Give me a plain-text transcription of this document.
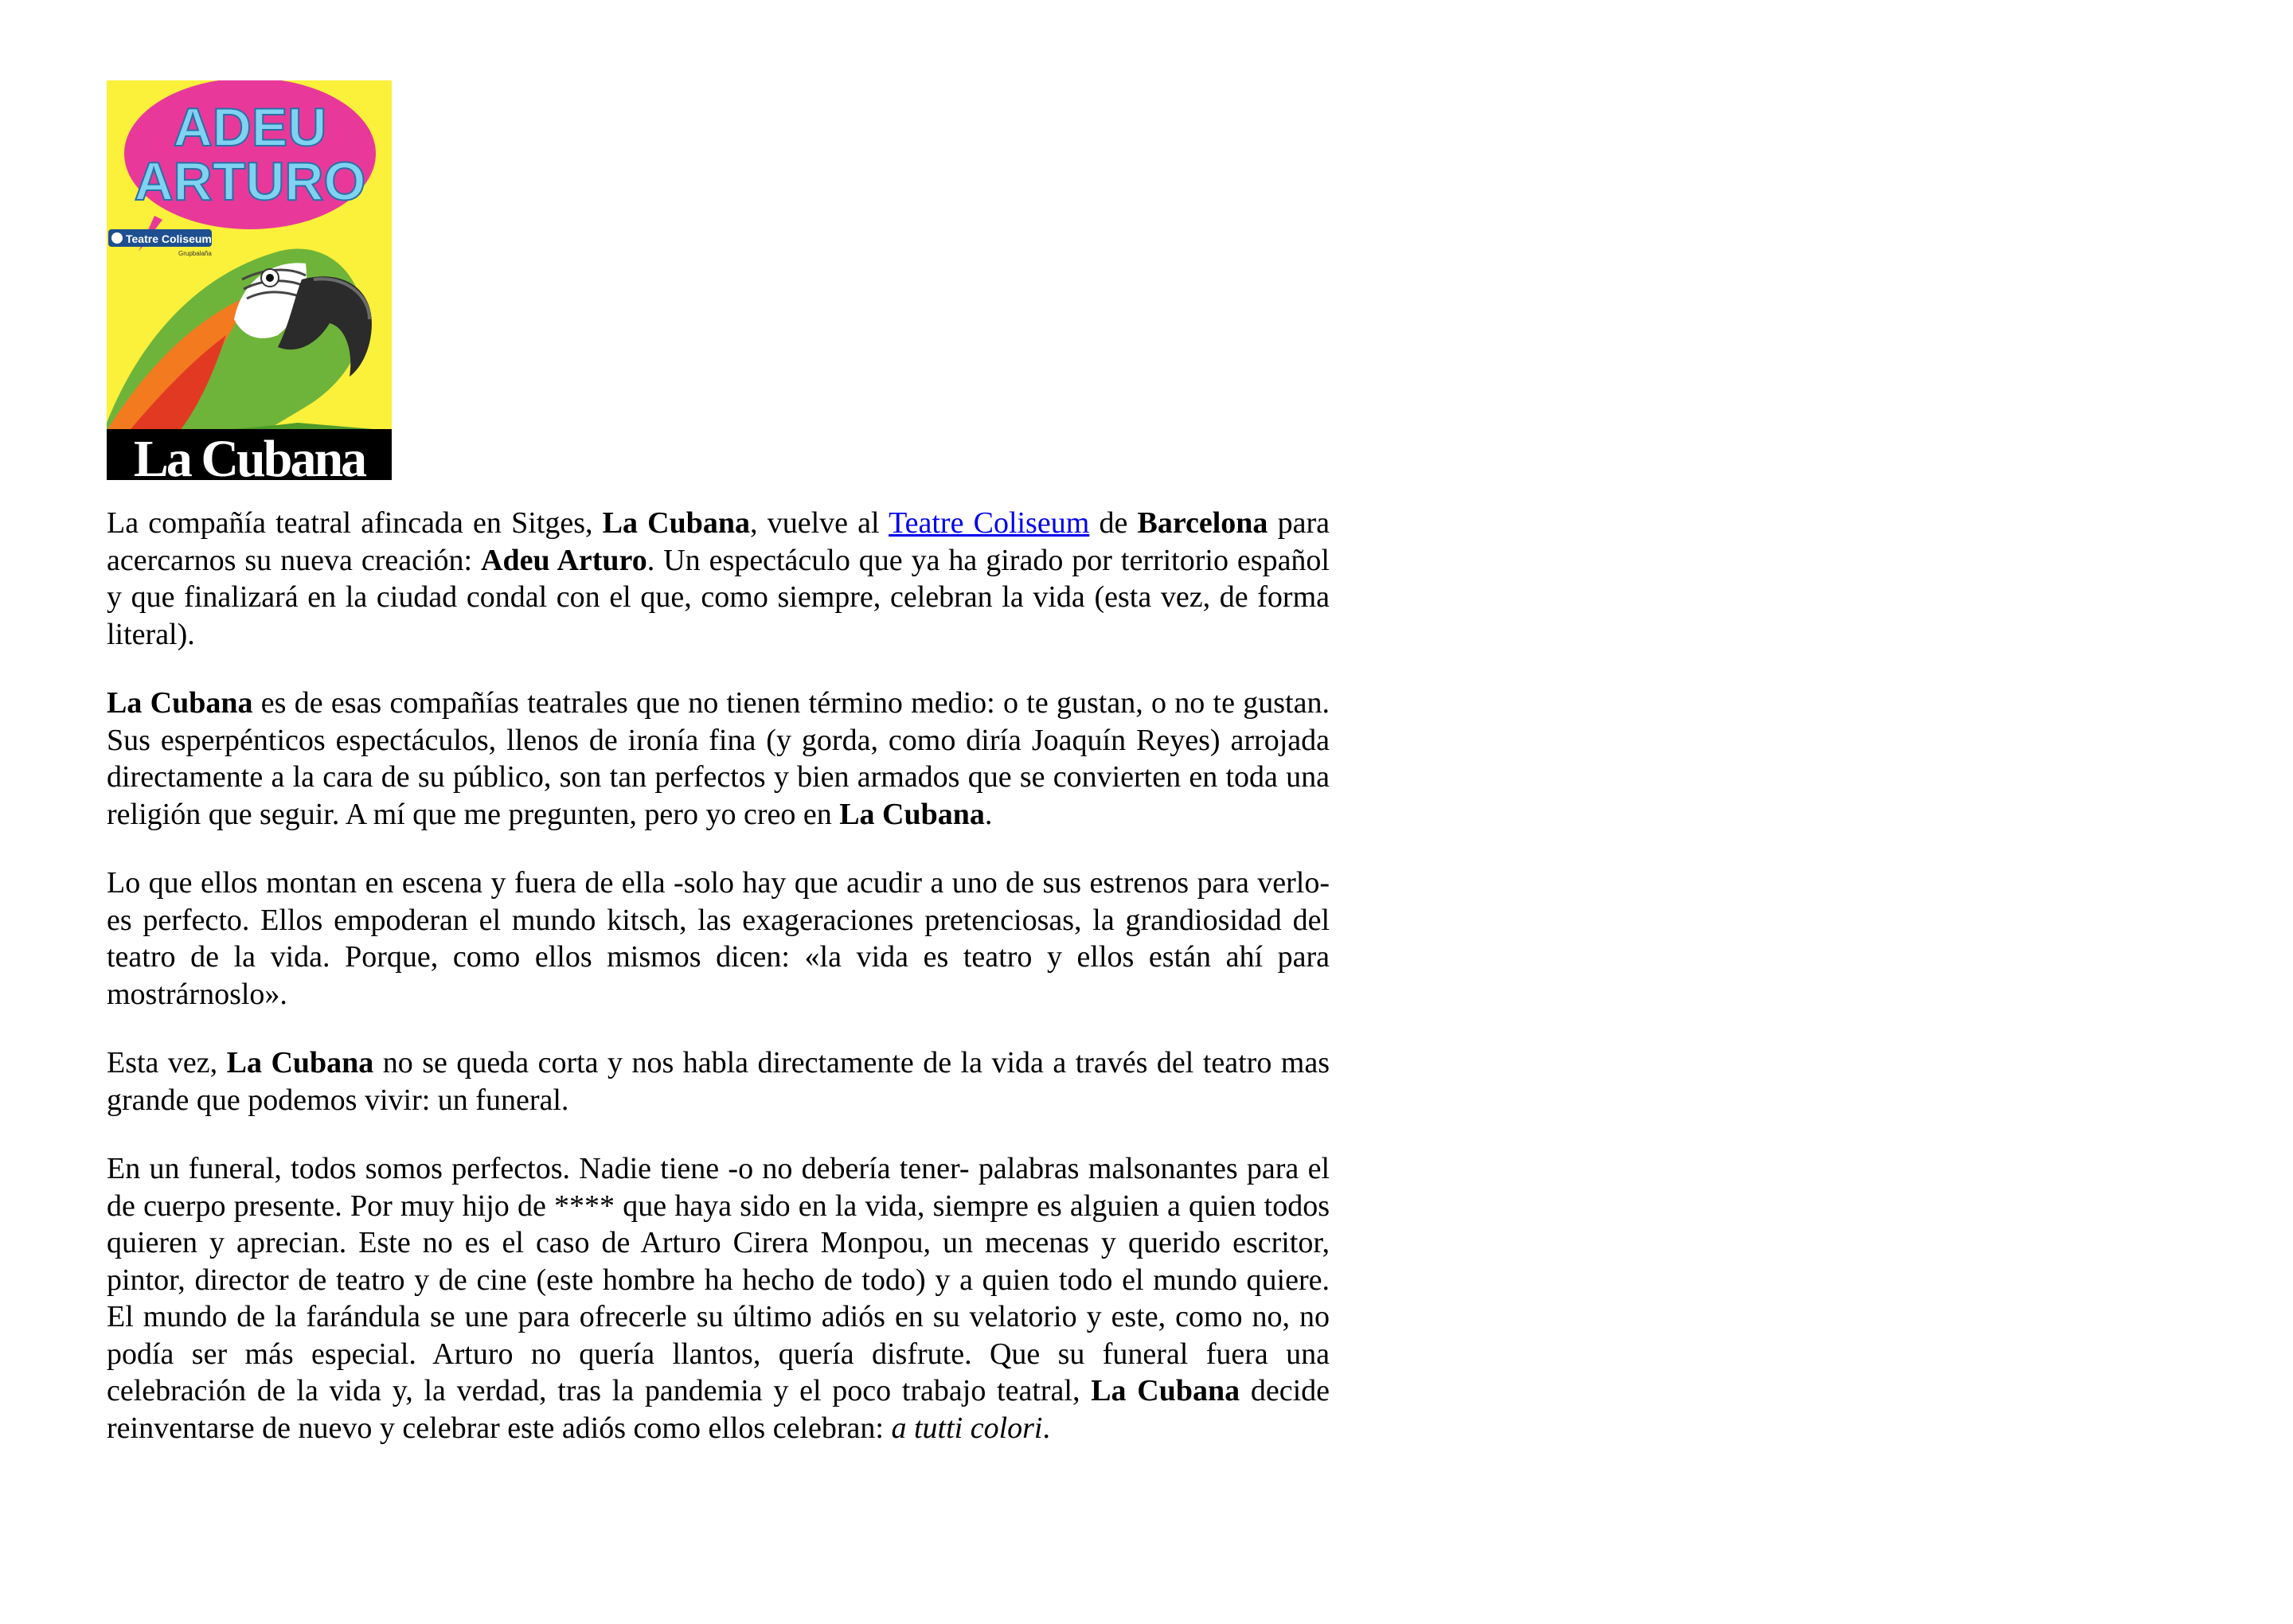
ADEU
ARTURO
Teatre Coliseum
Grupbalaña
La Cubana

La compañía teatral afincada en Sitges, La Cubana, vuelve al Teatre Coliseum de Barcelona para acercarnos su nueva creación: Adeu Arturo. Un espectáculo que ya ha girado por territorio español y que finalizará en la ciudad condal con el que, como siempre, celebran la vida (esta vez, de forma literal).

La Cubana es de esas compañías teatrales que no tienen término medio: o te gustan, o no te gustan. Sus esperpénticos espectáculos, llenos de ironía fina (y gorda, como diría Joaquín Reyes) arrojada directamente a la cara de su público, son tan perfectos y bien armados que se convierten en toda una religión que seguir. A mí que me pregunten, pero yo creo en La Cubana.

Lo que ellos montan en escena y fuera de ella -solo hay que acudir a uno de sus estrenos para verlo- es perfecto. Ellos empoderan el mundo kitsch, las exageraciones pretenciosas, la grandiosidad del teatro de la vida. Porque, como ellos mismos dicen: «la vida es teatro y ellos están ahí para mostrárnoslo».

Esta vez, La Cubana no se queda corta y nos habla directamente de la vida a través del teatro mas grande que podemos vivir: un funeral.

En un funeral, todos somos perfectos. Nadie tiene -o no debería tener- palabras malsonantes para el de cuerpo presente. Por muy hijo de **** que haya sido en la vida, siempre es alguien a quien todos quieren y aprecian. Este no es el caso de Arturo Cirera Monpou, un mecenas y querido escritor, pintor, director de teatro y de cine (este hombre ha hecho de todo) y a quien todo el mundo quiere. El mundo de la farándula se une para ofrecerle su último adiós en su velatorio y este, como no, no podía ser más especial. Arturo no quería llantos, quería disfrute. Que su funeral fuera una celebración de la vida y, la verdad, tras la pandemia y el poco trabajo teatral, La Cubana decide reinventarse de nuevo y celebrar este adiós como ellos celebran: a tutti colori.
